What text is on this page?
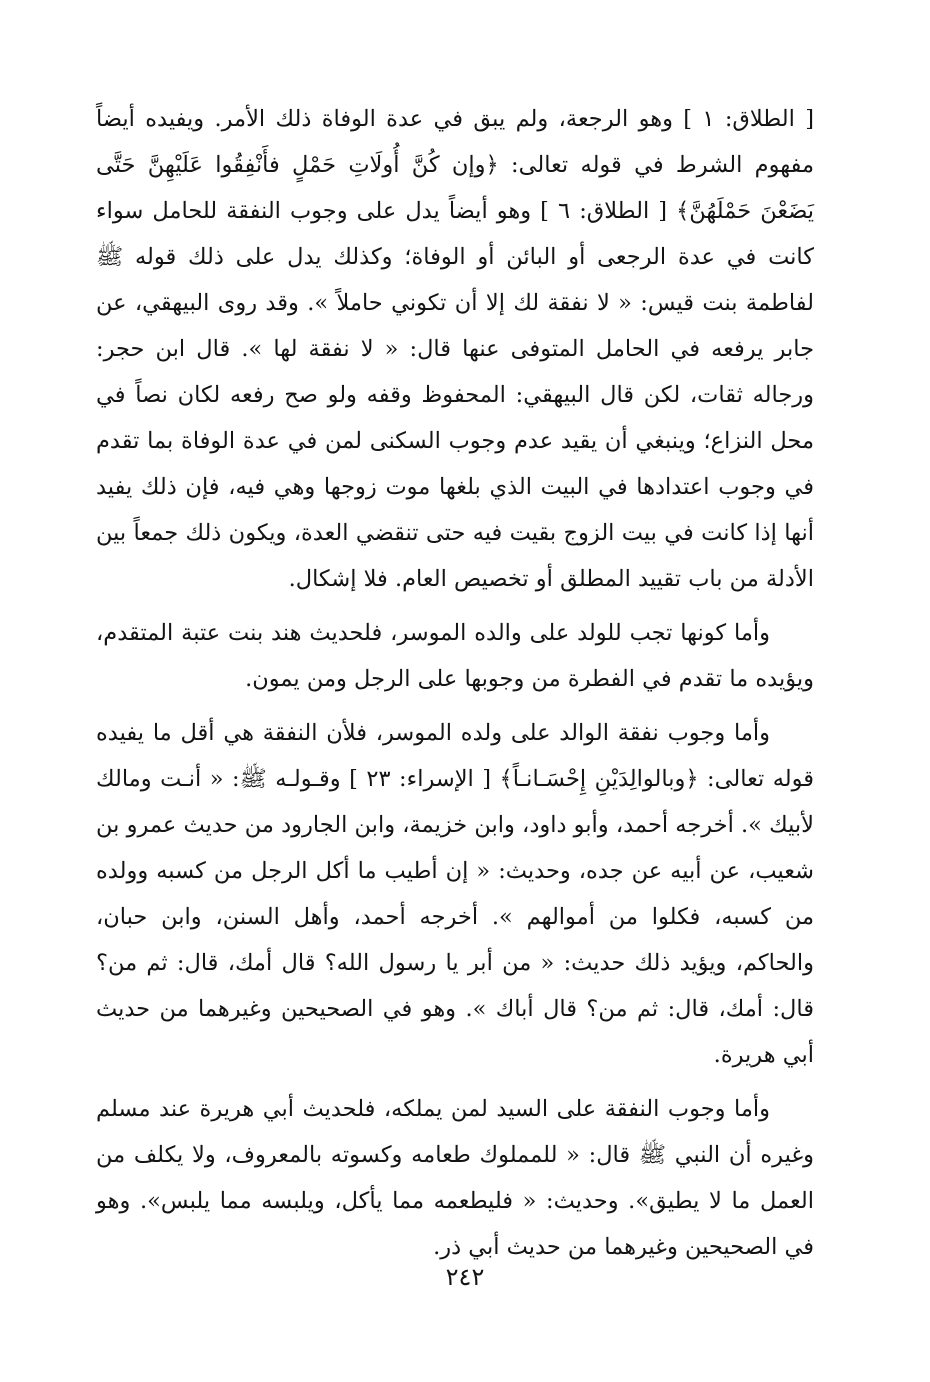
[ الطلاق: ١ ] وهو الرجعة، ولم يبق في عدة الوفاة ذلك الأمر. ويفيده أيضاً مفهوم الشرط في قوله تعالى: ﴿وإن كُنَّ أُولَاتِ حَمْلٍ فأَنْفِقُوا عَلَيْهِنَّ حَتَّى يَضَعْنَ حَمْلَهُنَّ﴾ [ الطلاق: ٦ ] وهو أيضاً يدل على وجوب النفقة للحامل سواء كانت في عدة الرجعى أو البائن أو الوفاة؛ وكذلك يدل على ذلك قوله ﷺ لفاطمة بنت قيس: « لا نفقة لك إلا أن تكوني حاملاً ». وقد روى البيهقي، عن جابر يرفعه في الحامل المتوفى عنها قال: « لا نفقة لها ». قال ابن حجر: ورجاله ثقات، لكن قال البيهقي: المحفوظ وقفه ولو صح رفعه لكان نصاً في محل النزاع؛ وينبغي أن يقيد عدم وجوب السكنى لمن في عدة الوفاة بما تقدم في وجوب اعتدادها في البيت الذي بلغها موت زوجها وهي فيه، فإن ذلك يفيد أنها إذا كانت في بيت الزوج بقيت فيه حتى تنقضي العدة، ويكون ذلك جمعاً بين الأدلة من باب تقييد المطلق أو تخصيص العام. فلا إشكال.

وأما كونها تجب للولد على والده الموسر، فلحديث هند بنت عتبة المتقدم، ويؤيده ما تقدم في الفطرة من وجوبها على الرجل ومن يمون.

وأما وجوب نفقة الوالد على ولده الموسر، فلأن النفقة هي أقل ما يفيده قوله تعالى: ﴿وبالوالِدَيْنِ إِحْسَـانـاً﴾ [ الإسراء: ٢٣ ] وقـولـه ﷺ: « أنـت ومالك لأبيك ». أخرجه أحمد، وأبو داود، وابن خزيمة، وابن الجارود من حديث عمرو بن شعيب، عن أبيه عن جده، وحديث: « إن أطيب ما أكل الرجل من كسبه وولده من كسبه، فكلوا من أموالهم ». أخرجه أحمد، وأهل السنن، وابن حبان، والحاكم، ويؤيد ذلك حديث: « من أبر يا رسول الله؟ قال أمك، قال: ثم من؟ قال: أمك، قال: ثم من؟ قال أباك ». وهو في الصحيحين وغيرهما من حديث أبي هريرة.

وأما وجوب النفقة على السيد لمن يملكه، فلحديث أبي هريرة عند مسلم وغيره أن النبي ﷺ قال: « للمملوك طعامه وكسوته بالمعروف، ولا يكلف من العمل ما لا يطيق». وحديث: « فليطعمه مما يأكل، ويلبسه مما يلبس». وهو في الصحيحين وغيرهما من حديث أبي ذر.

٢٤٢
